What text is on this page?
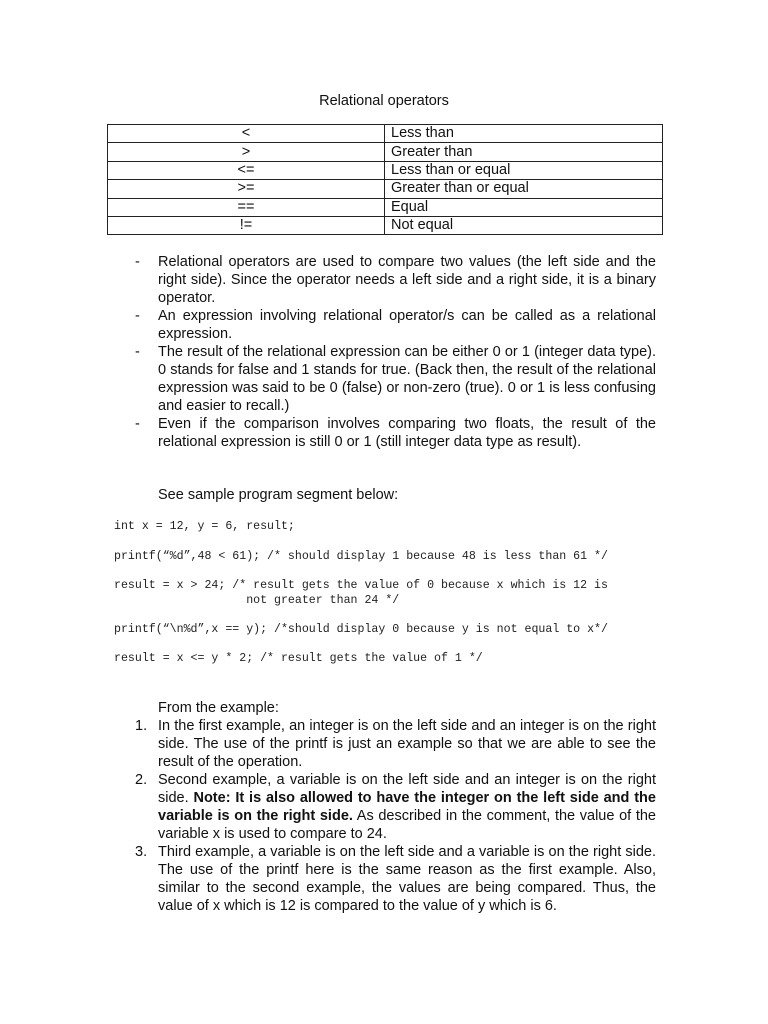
Relational operators
<	Less than
>	Greater than
<=	Less than or equal
>=	Greater than or equal
==	Equal
!=	Not equal
- Relational operators are used to compare two values (the left side and the right side). Since the operator needs a left side and a right side, it is a binary operator.
- An expression involving relational operator/s can be called as a relational expression.
- The result of the relational expression can be either 0 or 1 (integer data type). 0 stands for false and 1 stands for true. (Back then, the result of the relational expression was said to be 0 (false) or non-zero (true). 0 or 1 is less confusing and easier to recall.)
- Even if the comparison involves comparing two floats, the result of the relational expression is still 0 or 1 (still integer data type as result).
See sample program segment below:
int x = 12, y = 6, result;
printf(“%d”,48 < 61); /* should display 1 because 48 is less than 61 */
result = x > 24; /* result gets the value of 0 because x which is 12 is
not greater than 24 */
printf(“\n%d”,x == y); /*should display 0 because y is not equal to x*/
result = x <= y * 2; /* result gets the value of 1 */
From the example:
1. In the first example, an integer is on the left side and an integer is on the right side. The use of the printf is just an example so that we are able to see the result of the operation.
2. Second example, a variable is on the left side and an integer is on the right side. Note: It is also allowed to have the integer on the left side and the variable is on the right side. As described in the comment, the value of the variable x is used to compare to 24.
3. Third example, a variable is on the left side and a variable is on the right side. The use of the printf here is the same reason as the first example. Also, similar to the second example, the values are being compared. Thus, the value of x which is 12 is compared to the value of y which is 6.
